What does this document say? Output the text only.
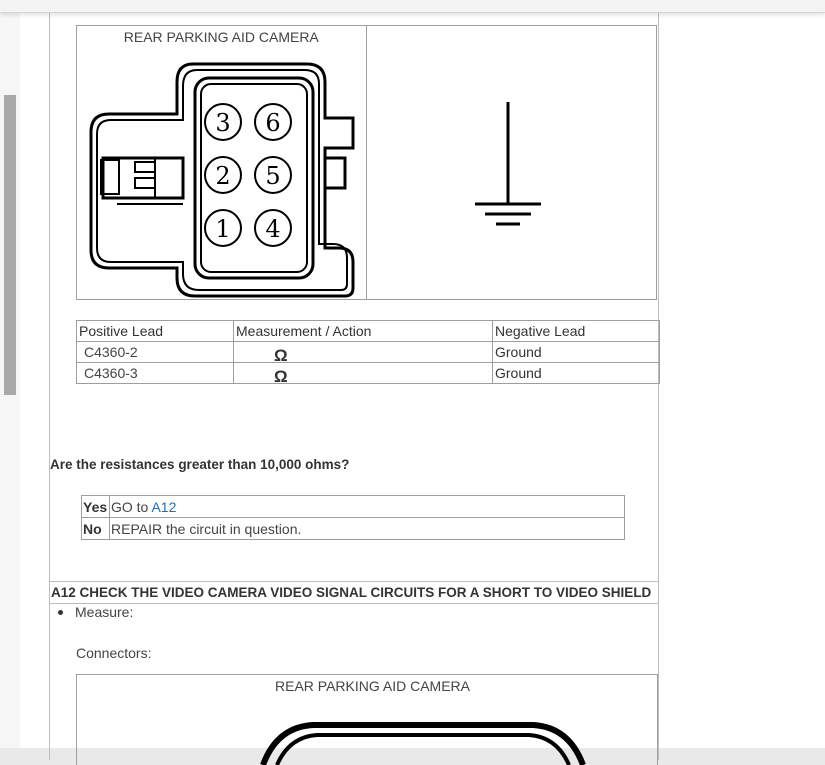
REAR PARKING AID CAMERA
3 6
2 5
1 4

Positive Lead	Measurement / Action	Negative Lead
C4360-2	Ω	Ground
C4360-3	Ω	Ground
Are the resistances greater than 10,000 ohms?
Yes	GO to A12
No	REPAIR the circuit in question.
A12 CHECK THE VIDEO CAMERA VIDEO SIGNAL CIRCUITS FOR A SHORT TO VIDEO SHIELD
Measure:
Connectors:
REAR PARKING AID CAMERA
